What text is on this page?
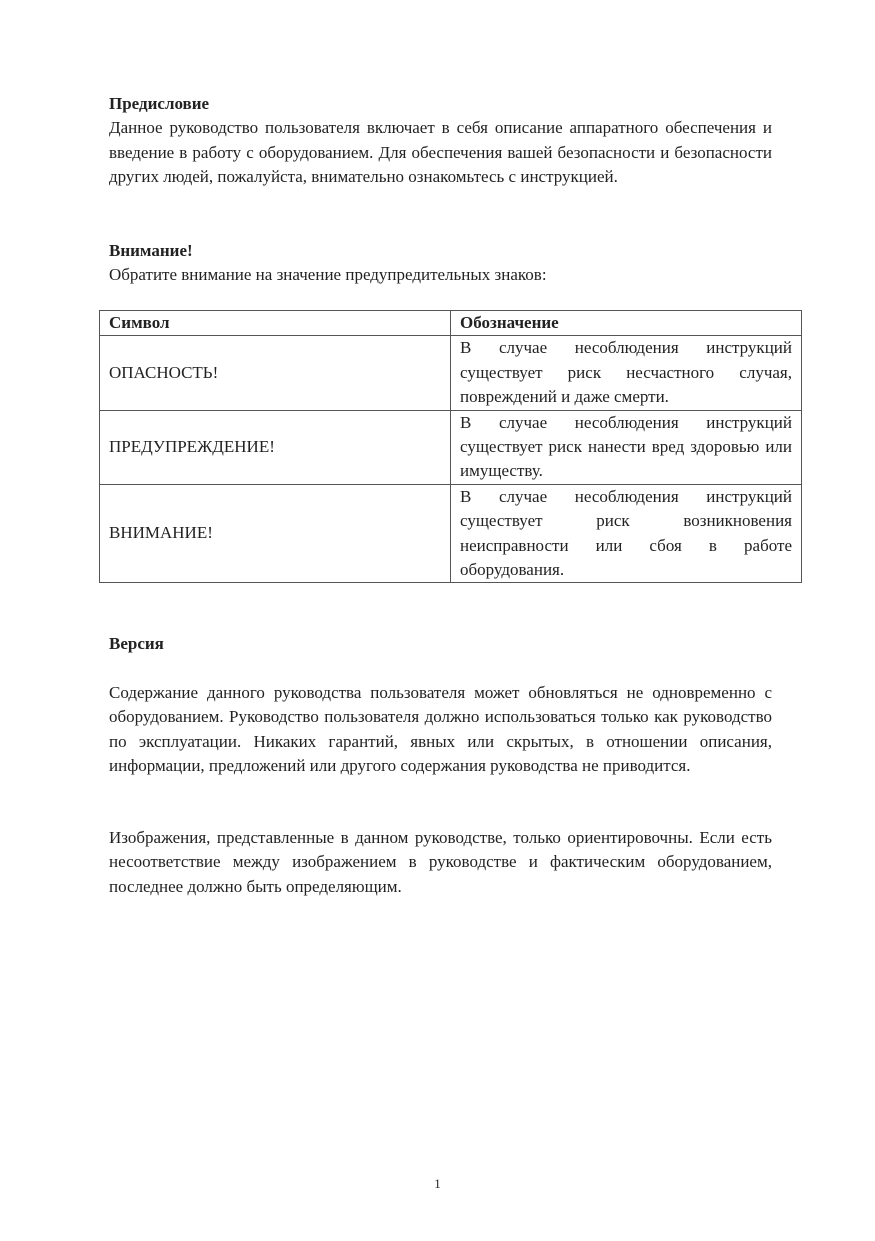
Предисловие

Данное руководство пользователя включает в себя описание аппаратного обеспечения и введение в работу с оборудованием. Для обеспечения вашей безопасности и безопасности других людей, пожалуйста, внимательно ознакомьтесь с инструкцией.

Внимание!

Обратите внимание на значение предупредительных знаков:

Символ	Обозначение
ОПАСНОСТЬ!	В случае несоблюдения инструкций существует риск несчастного случая, повреждений и даже смерти.
ПРЕДУПРЕЖДЕНИЕ!	В случае несоблюдения инструкций существует риск нанести вред здоровью или имуществу.
ВНИМАНИЕ!	В случае несоблюдения инструкций существует риск возникновения неисправности или сбоя в работе оборудования.
Версия

Содержание данного руководства пользователя может обновляться не одновременно с оборудованием. Руководство пользователя должно использоваться только как руководство по эксплуатации. Никаких гарантий, явных или скрытых, в отношении описания, информации, предложений или другого содержания руководства не приводится.

Изображения, представленные в данном руководстве, только ориентировочны. Если есть несоответствие между изображением в руководстве и фактическим оборудованием, последнее должно быть определяющим.

1
